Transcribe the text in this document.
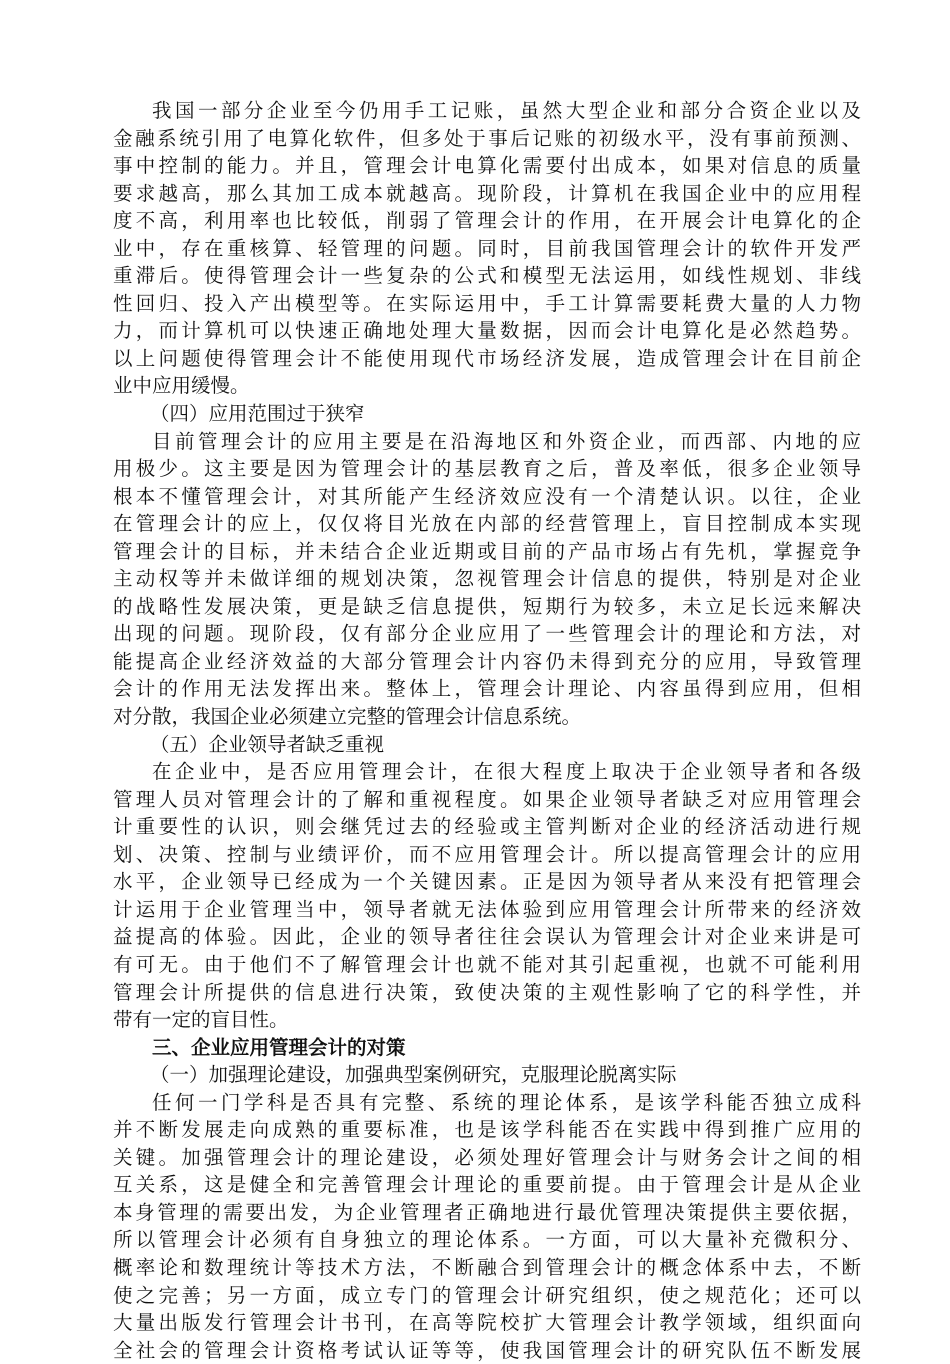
我国一部分企业至今仍用手工记账，虽然大型企业和部分合资企业以及
金融系统引用了电算化软件，但多处于事后记账的初级水平，没有事前预测、
事中控制的能力。并且，管理会计电算化需要付出成本，如果对信息的质量
要求越高，那么其加工成本就越高。现阶段，计算机在我国企业中的应用程
度不高，利用率也比较低，削弱了管理会计的作用，在开展会计电算化的企
业中，存在重核算、轻管理的问题。同时，目前我国管理会计的软件开发严
重滞后。使得管理会计一些复杂的公式和模型无法运用，如线性规划、非线
性回归、投入产出模型等。在实际运用中，手工计算需要耗费大量的人力物
力，而计算机可以快速正确地处理大量数据，因而会计电算化是必然趋势。
以上问题使得管理会计不能使用现代市场经济发展，造成管理会计在目前企
业中应用缓慢。
（四）应用范围过于狭窄
目前管理会计的应用主要是在沿海地区和外资企业，而西部、内地的应
用极少。这主要是因为管理会计的基层教育之后，普及率低，很多企业领导
根本不懂管理会计，对其所能产生经济效应没有一个清楚认识。以往，企业
在管理会计的应上，仅仅将目光放在内部的经营管理上，盲目控制成本实现
管理会计的目标，并未结合企业近期或目前的产品市场占有先机，掌握竞争
主动权等并未做详细的规划决策，忽视管理会计信息的提供，特别是对企业
的战略性发展决策，更是缺乏信息提供，短期行为较多，未立足长远来解决
出现的问题。现阶段，仅有部分企业应用了一些管理会计的理论和方法，对
能提高企业经济效益的大部分管理会计内容仍未得到充分的应用，导致管理
会计的作用无法发挥出来。整体上，管理会计理论、内容虽得到应用，但相
对分散，我国企业必须建立完整的管理会计信息系统。
（五）企业领导者缺乏重视
在企业中，是否应用管理会计，在很大程度上取决于企业领导者和各级
管理人员对管理会计的了解和重视程度。如果企业领导者缺乏对应用管理会
计重要性的认识，则会继凭过去的经验或主管判断对企业的经济活动进行规
划、决策、控制与业绩评价，而不应用管理会计。所以提高管理会计的应用
水平，企业领导已经成为一个关键因素。正是因为领导者从来没有把管理会
计运用于企业管理当中，领导者就无法体验到应用管理会计所带来的经济效
益提高的体验。因此，企业的领导者往往会误认为管理会计对企业来讲是可
有可无。由于他们不了解管理会计也就不能对其引起重视，也就不可能利用
管理会计所提供的信息进行决策，致使决策的主观性影响了它的科学性，并
带有一定的盲目性。
三、企业应用管理会计的对策
（一）加强理论建设，加强典型案例研究，克服理论脱离实际
任何一门学科是否具有完整、系统的理论体系，是该学科能否独立成科
并不断发展走向成熟的重要标准，也是该学科能否在实践中得到推广应用的
关键。加强管理会计的理论建设，必须处理好管理会计与财务会计之间的相
互关系，这是健全和完善管理会计理论的重要前提。由于管理会计是从企业
本身管理的需要出发，为企业管理者正确地进行最优管理决策提供主要依据，
所以管理会计必须有自身独立的理论体系。一方面，可以大量补充微积分、
概率论和数理统计等技术方法，不断融合到管理会计的概念体系中去，不断
使之完善；另一方面，成立专门的管理会计研究组织，使之规范化；还可以
大量出版发行管理会计书刊，在高等院校扩大管理会计教学领域，组织面向
全社会的管理会计资格考试认证等等，使我国管理会计的研究队伍不断发展
